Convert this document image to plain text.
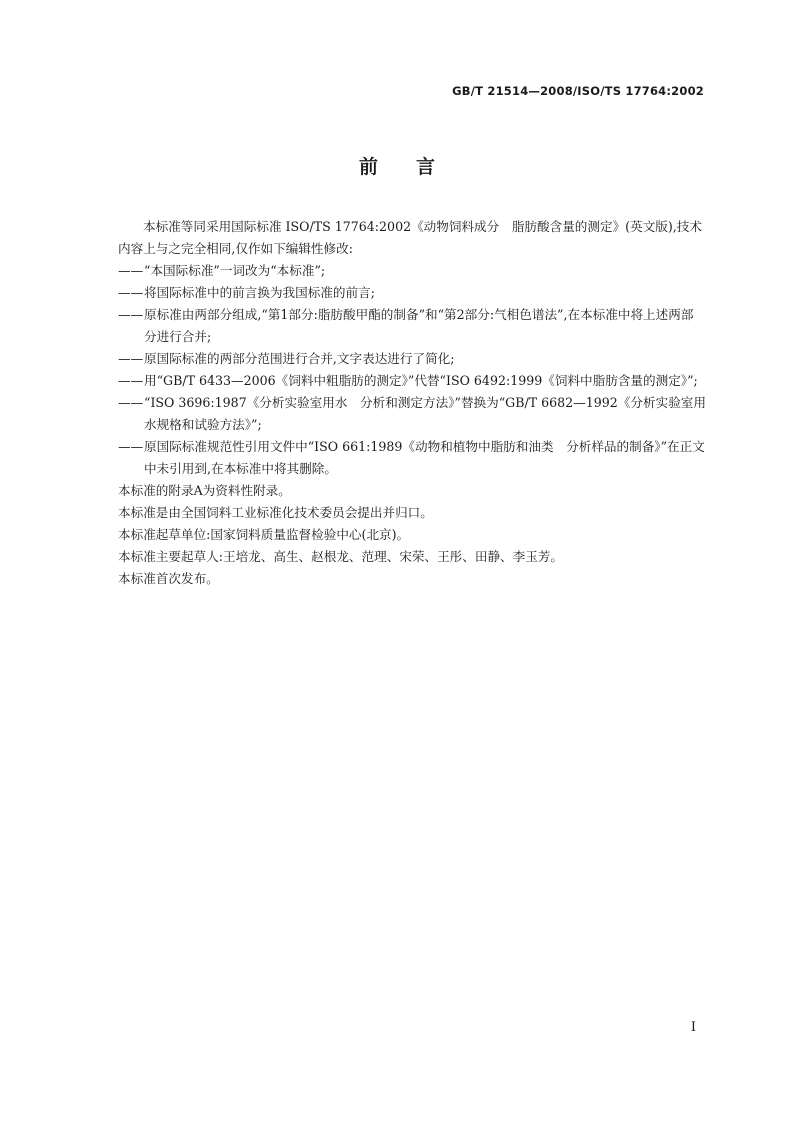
GB/T 21514—2008/ISO/TS 17764:2002
前言

本标准等同采用国际标准 ISO/TS 17764:2002《动物饲料成分　脂肪酸含量的测定》(英文版),技术内容上与之完全相同,仅作如下编辑性修改:

—— “本国际标准”一词改为“本标准”;
—— 将国际标准中的前言换为我国标准的前言;
—— 原标准由两部分组成,“第1部分:脂肪酸甲酯的制备”和“第2部分:气相色谱法”,在本标准中将上述两部分进行合并;
—— 原国际标准的两部分范围进行合并,文字表达进行了简化;
—— 用“GB/T 6433—2006《饲料中粗脂肪的测定》”代替“ISO 6492:1999《饲料中脂肪含量的测定》”;
—— “ISO 3696:1987《分析实验室用水　分析和测定方法》”替换为“GB/T 6682—1992《分析实验室用水规格和试验方法》”;
—— 原国际标准规范性引用文件中“ISO 661:1989《动物和植物中脂肪和油类　分析样品的制备》”在正文中未引用到,在本标准中将其删除。

本标准的附录A为资料性附录。

本标准是由全国饲料工业标准化技术委员会提出并归口。

本标准起草单位:国家饲料质量监督检验中心(北京)。

本标准主要起草人:王培龙、高生、赵根龙、范理、宋荣、王彤、田静、李玉芳。

本标准首次发布。

I
